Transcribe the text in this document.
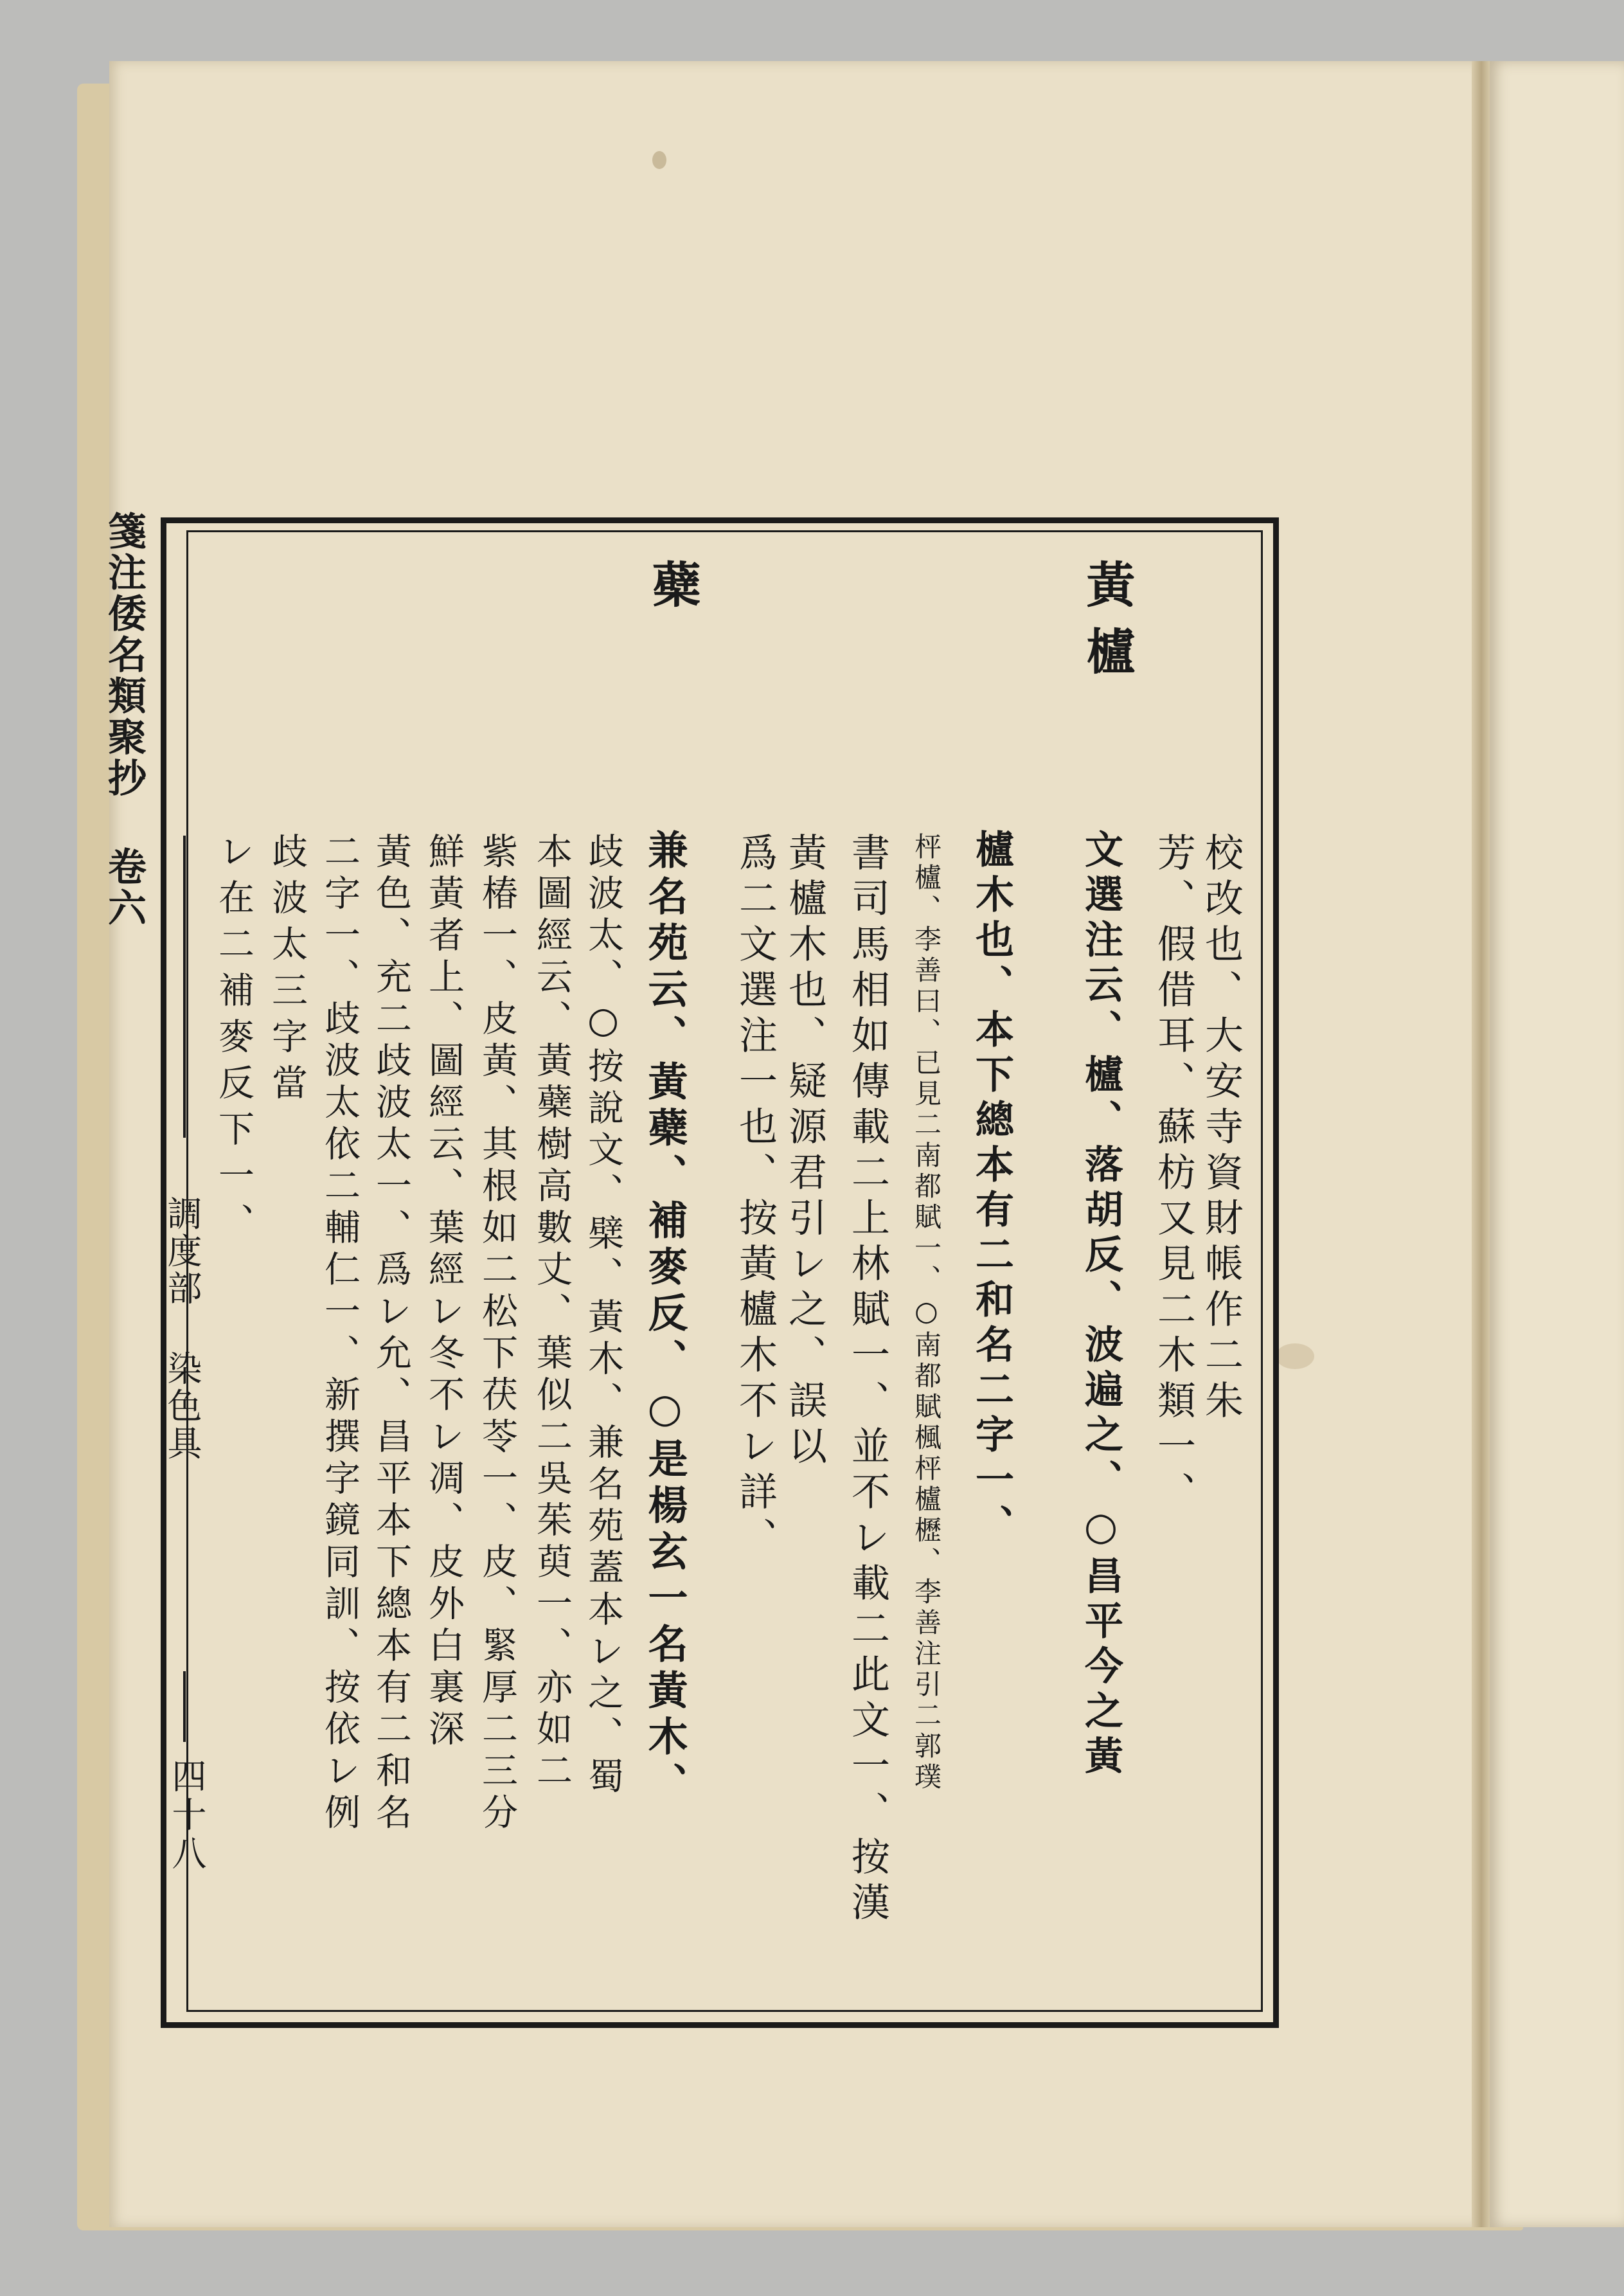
箋注倭名類聚抄 卷六
調度部 染色具
四十八
黃櫨
蘗
校改也、大安寺資財帳作二朱
芳、假借耳、蘇枋又見二木類一、
文選注云、櫨、落胡反、波遍之、○昌平今之黃
櫨木也、本下總本有二和名二字一、
枰櫨、李善曰、已見二南都賦一、○南都賦楓枰櫨櫪、李善注引二郭璞
書司馬相如傳載二上林賦一、並不レ載二此文一、按漢
黃櫨木也、疑源君引レ之、誤以
爲二文選注一也、按黃櫨木不レ詳、
兼名苑云、黃蘗、補麥反、○是楊玄一名黃木、
歧波太、○按說文、檗、黃木、兼名苑蓋本レ之、蜀
本圖經云、黃蘗樹高數丈、葉似二吳茱萸一、亦如二
紫椿一、皮黃、其根如二松下茯苓一、皮、緊厚二三分
鮮黃者上、圖經云、葉經レ冬不レ凋、皮外白裏深
黃色、充二歧波太一、爲レ允、昌平本下總本有二和名
二字一、歧波太依二輔仁一、新撰字鏡同訓、按依レ例
歧波太三字當
レ在二補麥反下一、
